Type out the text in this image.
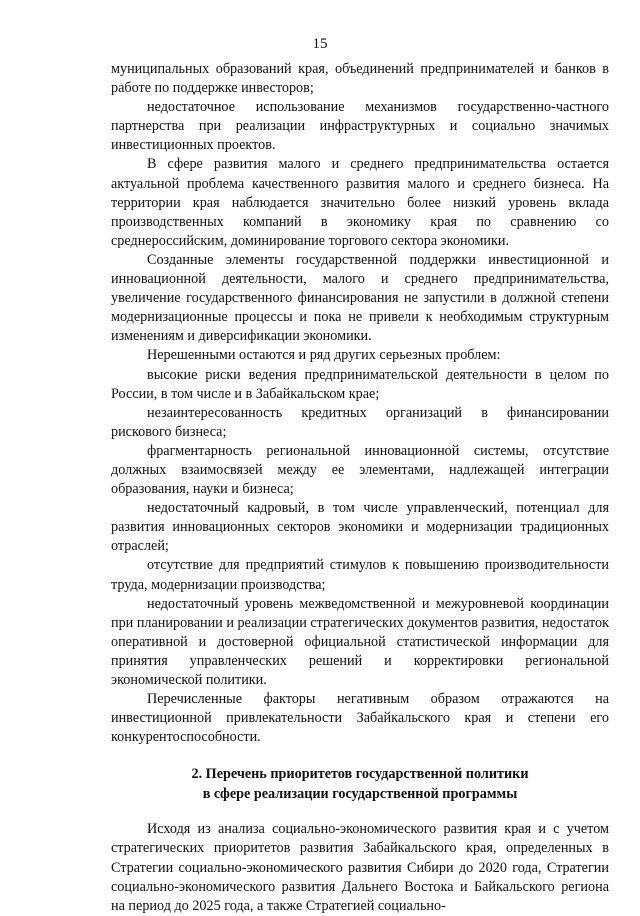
15

муниципальных образований края, объединений предпринимателей и банков в работе по поддержке инвесторов;

недостаточное использование механизмов государственно-частного партнерства при реализации инфраструктурных и социально значимых инвестиционных проектов.

В сфере развития малого и среднего предпринимательства остается актуальной проблема качественного развития малого и среднего бизнеса. На территории края наблюдается значительно более низкий уровень вклада производственных компаний в экономику края по сравнению со среднероссийским, доминирование торгового сектора экономики.

Созданные элементы государственной поддержки инвестиционной и инновационной деятельности, малого и среднего предпринимательства, увеличение государственного финансирования не запустили в должной степени модернизационные процессы и пока не привели к необходимым структурным изменениям и диверсификации экономики.

Нерешенными остаются и ряд других серьезных проблем:

высокие риски ведения предпринимательской деятельности в целом по России, в том числе и в Забайкальском крае;

незаинтересованность кредитных организаций в финансировании рискового бизнеса;

фрагментарность региональной инновационной системы, отсутствие должных взаимосвязей между ее элементами, надлежащей интеграции образования, науки и бизнеса;

недостаточный кадровый, в том числе управленческий, потенциал для развития инновационных секторов экономики и модернизации традиционных отраслей;

отсутствие для предприятий стимулов к повышению производительности труда, модернизации производства;

недостаточный уровень межведомственной и межуровневой координации при планировании и реализации стратегических документов развития, недостаток оперативной и достоверной официальной статистической информации для принятия управленческих решений и корректировки региональной экономической политики.

Перечисленные факторы негативным образом отражаются на инвестиционной привлекательности Забайкальского края и степени его конкурентоспособности.

2. Перечень приоритетов государственной политики
в сфере реализации государственной программы

Исходя из анализа социально-экономического развития края и с учетом стратегических приоритетов развития Забайкальского края, определенных в Стратегии социально-экономического развития Сибири до 2020 года, Стратегии социально-экономического развития Дальнего Востока и Байкальского региона на период до 2025 года, а также Стратегией социально-
